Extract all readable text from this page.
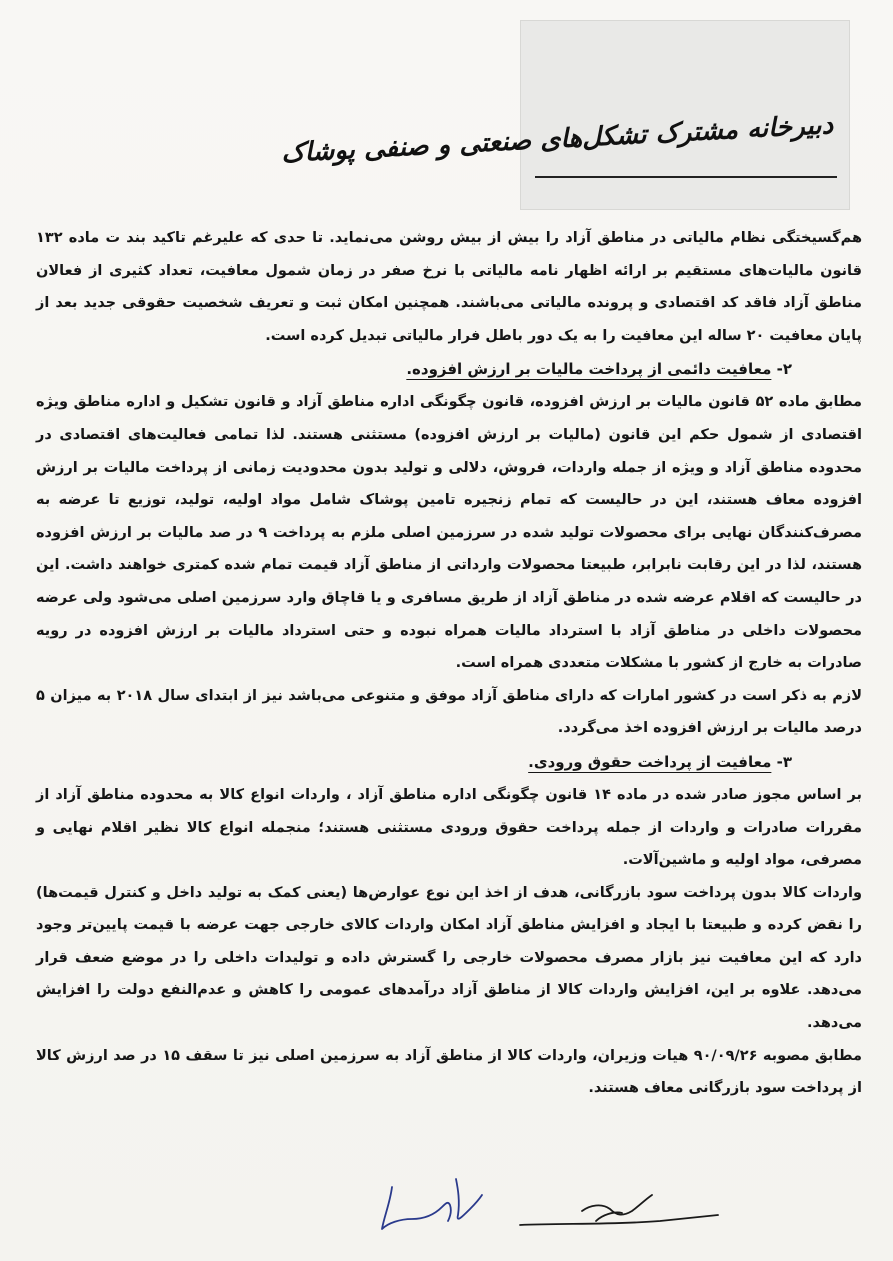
دبیرخانه مشترک تشکل‌های صنعتی و صنفی پوشاک

هم‌گسیختگی نظام مالیاتی در مناطق آزاد را بیش از بیش روشن می‌نماید. تا حدی که علیرغم تاکید بند ت ماده ۱۳۲ قانون مالیات‌های مستقیم بر ارائه اظهار نامه مالیاتی با نرخ صفر در زمان شمول معافیت، تعداد کثیری از فعالان مناطق آزاد فاقد کد اقتصادی و پرونده مالیاتی می‌باشند. همچنین امکان ثبت و تعریف شخصیت حقوقی جدید بعد از پایان معافیت ۲۰ ساله این معافیت را به یک دور باطل فرار مالیاتی تبدیل کرده است.

۲- معافیت دائمی از پرداخت مالیات بر ارزش افزوده.

مطابق ماده ۵۲ قانون مالیات بر ارزش افزوده، قانون چگونگی اداره مناطق آزاد و قانون تشکیل و اداره مناطق ویژه اقتصادی از شمول حکم این قانون (مالیات بر ارزش افزوده) مستثنی هستند. لذا تمامی فعالیت‌های اقتصادی در محدوده مناطق آزاد و ویژه از جمله واردات، فروش، دلالی و تولید بدون محدودیت زمانی از پرداخت مالیات بر ارزش افزوده معاف هستند، این در حالیست که تمام زنجیره تامین پوشاک شامل مواد اولیه، تولید، توزیع تا عرضه به مصرف‌کنندگان نهایی برای محصولات تولید شده در سرزمین اصلی ملزم به پرداخت ۹ در صد مالیات بر ارزش افزوده هستند، لذا در این رقابت نابرابر، طبیعتا محصولات وارداتی از مناطق آزاد قیمت تمام شده کمتری خواهند داشت. این در حالیست که اقلام عرضه شده در مناطق آزاد از طریق مسافری و یا قاچاق وارد سرزمین اصلی می‌شود ولی عرضه محصولات داخلی در مناطق آزاد با استرداد مالیات همراه نبوده و حتی استرداد مالیات بر ارزش افزوده در رویه صادرات به خارج از کشور با مشکلات متعددی همراه است.

لازم به ذکر است در کشور امارات که دارای مناطق آزاد موفق و متنوعی می‌باشد نیز از ابتدای سال ۲۰۱۸ به میزان ۵ درصد مالیات بر ارزش افزوده اخذ می‌گردد.

۳- معافیت از پرداخت حقوق ورودی.

بر اساس مجوز صادر شده در ماده ۱۴ قانون چگونگی اداره مناطق آزاد ، واردات انواع کالا به محدوده مناطق آزاد از مقررات صادرات و واردات از جمله پرداخت حقوق ورودی مستثنی هستند؛ منجمله انواع کالا نظیر اقلام نهایی و مصرفی، مواد اولیه و ماشین‌آلات.

واردات کالا بدون پرداخت سود بازرگانی، هدف از اخذ این نوع عوارض‌ها (یعنی کمک به تولید داخل و کنترل قیمت‌ها) را نقض کرده و طبیعتا با ایجاد و افزایش مناطق آزاد امکان واردات کالای خارجی جهت عرضه با قیمت پایین‌تر وجود دارد که این معافیت نیز بازار مصرف محصولات خارجی را گسترش داده و تولیدات داخلی را در موضع ضعف قرار می‌دهد. علاوه بر این، افزایش واردات کالا از مناطق آزاد درآمدهای عمومی را کاهش و عدم‌النفع دولت را افزایش می‌دهد.

مطابق مصوبه ۹۰/۰۹/۲۶ هیات وزیران، واردات کالا از مناطق آزاد به سرزمین اصلی نیز تا سقف ۱۵ در صد ارزش کالا از پرداخت سود بازرگانی معاف هستند.
